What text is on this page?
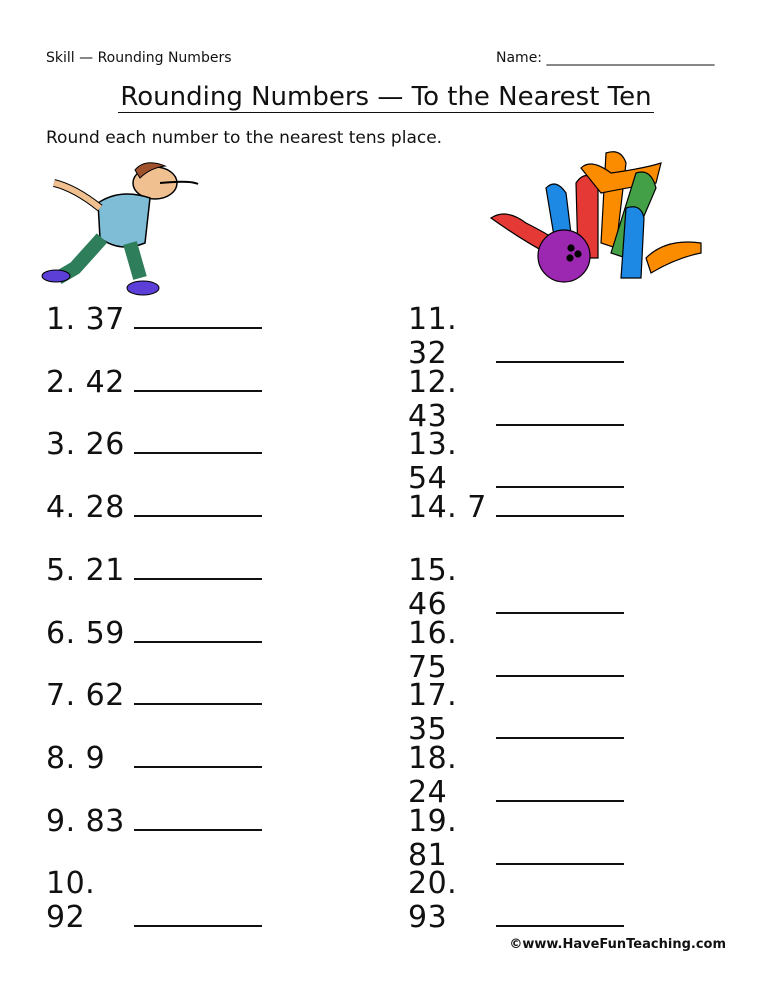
Skill — Rounding Numbers	Name: ________________________
Rounding Numbers — To the Nearest Ten
Round each number to the nearest tens place.
1. 37
2. 42
3. 26
4. 28
5. 21
6. 59
7. 62
8. 9
9. 83
10. 92
11. 32
12. 43
13. 54
14. 7
15. 46
16. 75
17. 35
18. 24
19. 81
20. 93
©www.HaveFunTeaching.com
